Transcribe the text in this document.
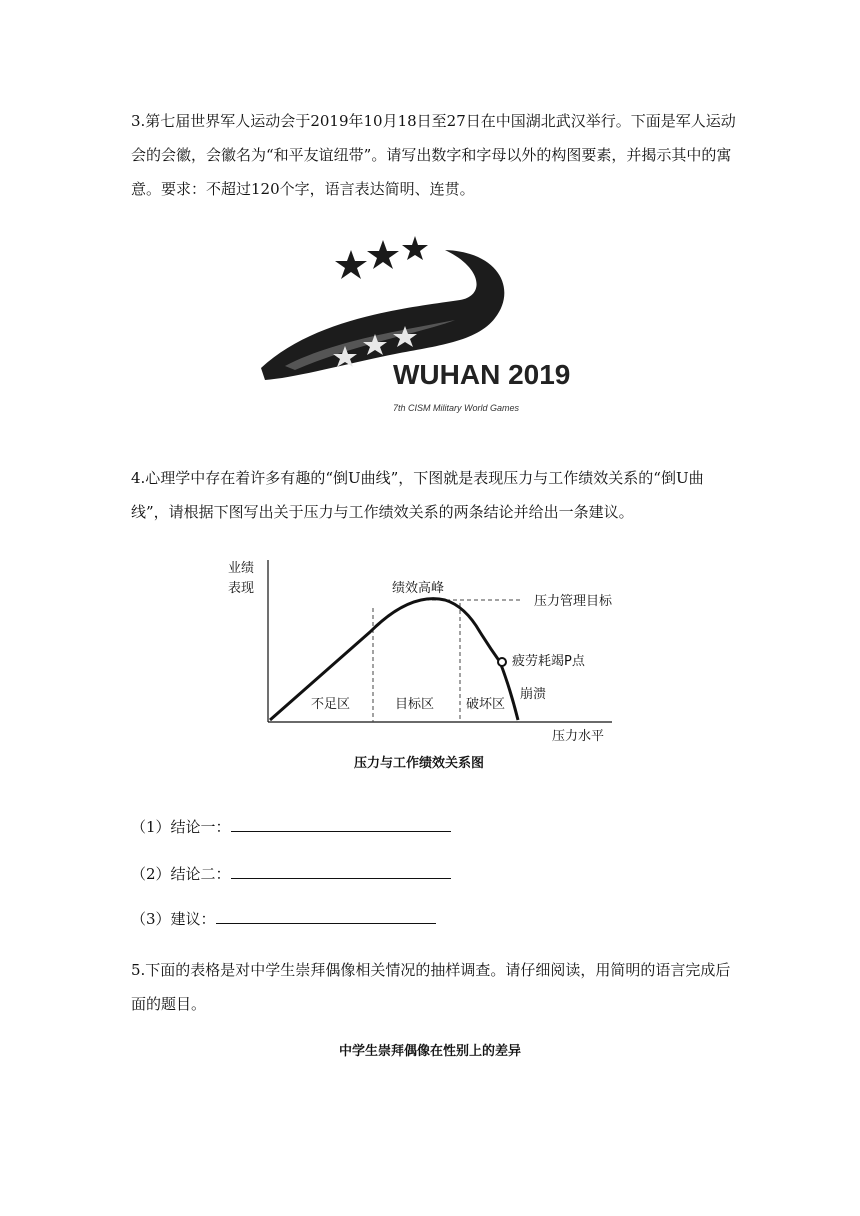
3.第七届世界军人运动会于2019年10月18日至27日在中国湖北武汉举行。下面是军人运动会的会徽，会徽名为“和平友谊纽带”。请写出数字和字母以外的构图要素，并揭示其中的寓意。要求：不超过120个字，语言表达简明、连贯。

WUHAN 2019
7th CISM Military World Games

4.心理学中存在着许多有趣的“倒U曲线”，下图就是表现压力与工作绩效关系的“倒U曲线”，请根据下图写出关于压力与工作绩效关系的两条结论并给出一条建议。

业绩
表现
压力水平
绩效高峰
压力管理目标
疲劳耗竭P点
崩溃
不足区	目标区 破坏区
压力与工作绩效关系图
（1）结论一：
（2）结论二：
（3）建议：

5.下面的表格是对中学生崇拜偶像相关情况的抽样调查。请仔细阅读，用简明的语言完成后面的题目。

中学生崇拜偶像在性别上的差异
